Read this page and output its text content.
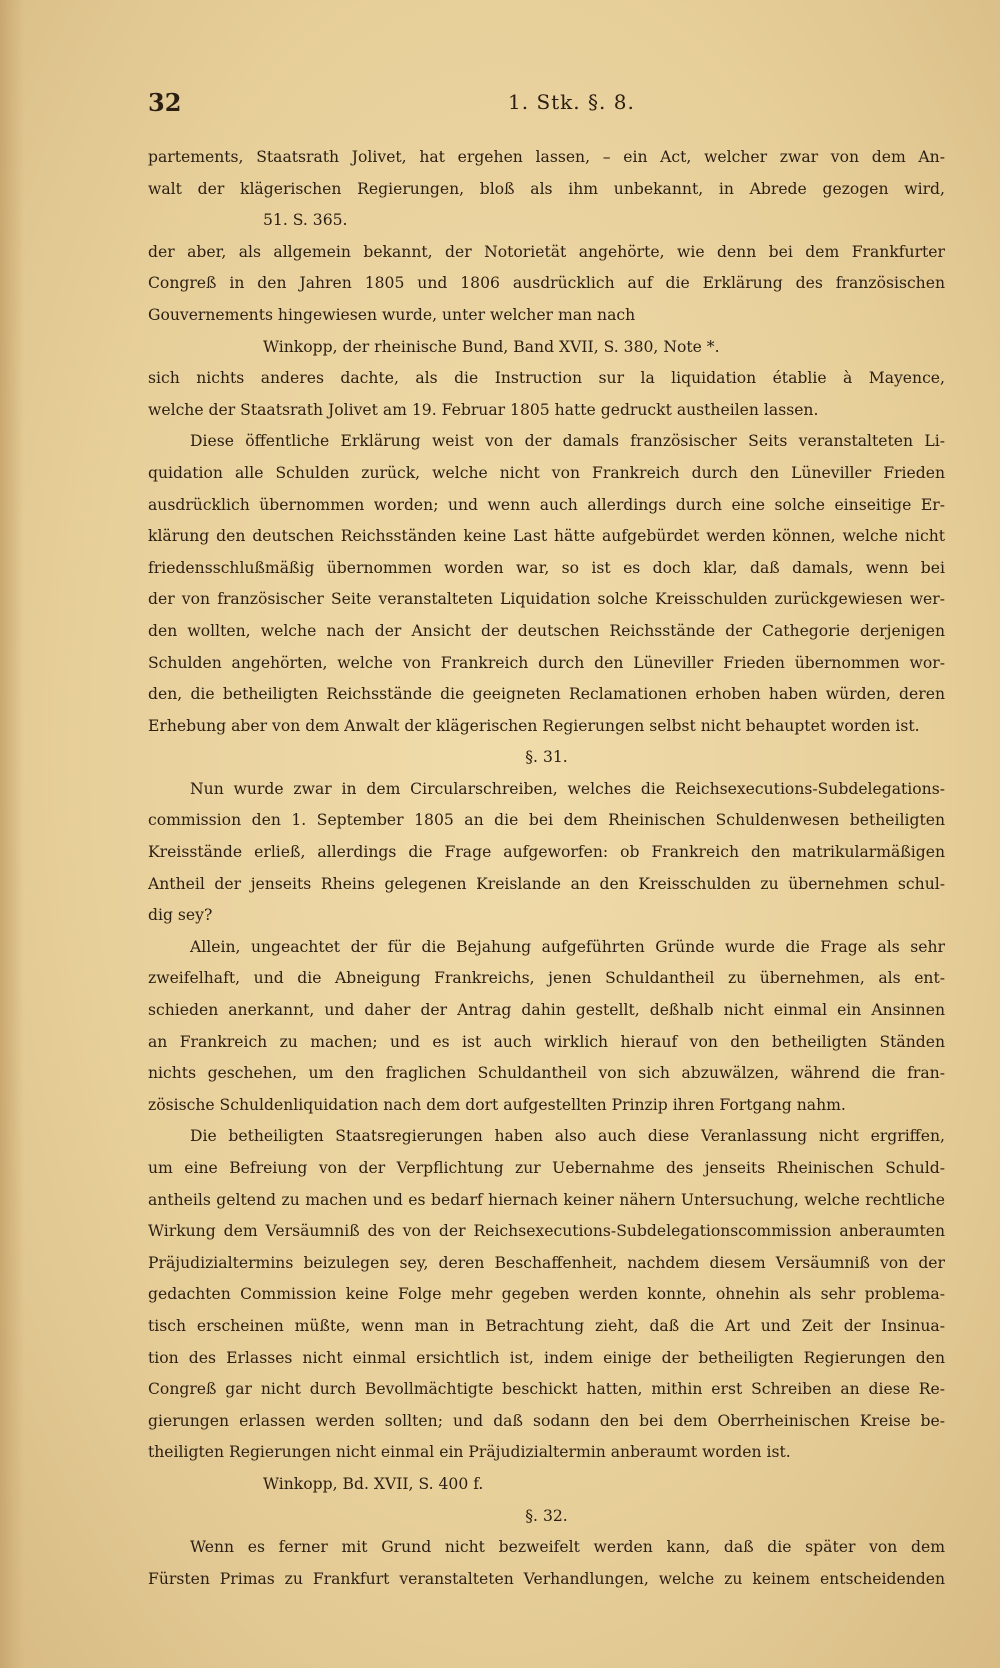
32	1. Stk. §. 8.
partements, Staatsrath Jolivet, hat ergehen lassen, – ein Act, welcher zwar von dem An-
walt der klägerischen Regierungen, bloß als ihm unbekannt, in Abrede gezogen wird,
51. S. 365.
der aber, als allgemein bekannt, der Notorietät angehörte, wie denn bei dem Frankfurter
Congreß in den Jahren 1805 und 1806 ausdrücklich auf die Erklärung des französischen
Gouvernements hingewiesen wurde, unter welcher man nach
Winkopp, der rheinische Bund, Band XVII, S. 380, Note *.
sich nichts anderes dachte, als die Instruction sur la liquidation établie à Mayence,
welche der Staatsrath Jolivet am 19. Februar 1805 hatte gedruckt austheilen lassen.
Diese öffentliche Erklärung weist von der damals französischer Seits veranstalteten Li-
quidation alle Schulden zurück, welche nicht von Frankreich durch den Lüneviller Frieden
ausdrücklich übernommen worden; und wenn auch allerdings durch eine solche einseitige Er-
klärung den deutschen Reichsständen keine Last hätte aufgebürdet werden können, welche nicht
friedensschlußmäßig übernommen worden war, so ist es doch klar, daß damals, wenn bei
der von französischer Seite veranstalteten Liquidation solche Kreisschulden zurückgewiesen wer-
den wollten, welche nach der Ansicht der deutschen Reichsstände der Cathegorie derjenigen
Schulden angehörten, welche von Frankreich durch den Lüneviller Frieden übernommen wor-
den, die betheiligten Reichsstände die geeigneten Reclamationen erhoben haben würden, deren
Erhebung aber von dem Anwalt der klägerischen Regierungen selbst nicht behauptet worden ist.
§. 31.
Nun wurde zwar in dem Circularschreiben, welches die Reichsexecutions-Subdelegations-
commission den 1. September 1805 an die bei dem Rheinischen Schuldenwesen betheiligten
Kreisstände erließ, allerdings die Frage aufgeworfen: ob Frankreich den matrikularmäßigen
Antheil der jenseits Rheins gelegenen Kreislande an den Kreisschulden zu übernehmen schul-
dig sey?
Allein, ungeachtet der für die Bejahung aufgeführten Gründe wurde die Frage als sehr
zweifelhaft, und die Abneigung Frankreichs, jenen Schuldantheil zu übernehmen, als ent-
schieden anerkannt, und daher der Antrag dahin gestellt, deßhalb nicht einmal ein Ansinnen
an Frankreich zu machen; und es ist auch wirklich hierauf von den betheiligten Ständen
nichts geschehen, um den fraglichen Schuldantheil von sich abzuwälzen, während die fran-
zösische Schuldenliquidation nach dem dort aufgestellten Prinzip ihren Fortgang nahm.
Die betheiligten Staatsregierungen haben also auch diese Veranlassung nicht ergriffen,
um eine Befreiung von der Verpflichtung zur Uebernahme des jenseits Rheinischen Schuld-
antheils geltend zu machen und es bedarf hiernach keiner nähern Untersuchung, welche rechtliche
Wirkung dem Versäumniß des von der Reichsexecutions-Subdelegationscommission anberaumten
Präjudizialtermins beizulegen sey, deren Beschaffenheit, nachdem diesem Versäumniß von der
gedachten Commission keine Folge mehr gegeben werden konnte, ohnehin als sehr problema-
tisch erscheinen müßte, wenn man in Betrachtung zieht, daß die Art und Zeit der Insinua-
tion des Erlasses nicht einmal ersichtlich ist, indem einige der betheiligten Regierungen den
Congreß gar nicht durch Bevollmächtigte beschickt hatten, mithin erst Schreiben an diese Re-
gierungen erlassen werden sollten; und daß sodann den bei dem Oberrheinischen Kreise be-
theiligten Regierungen nicht einmal ein Präjudizialtermin anberaumt worden ist.
Winkopp, Bd. XVII, S. 400 f.
§. 32.
Wenn es ferner mit Grund nicht bezweifelt werden kann, daß die später von dem
Fürsten Primas zu Frankfurt veranstalteten Verhandlungen, welche zu keinem entscheidenden
